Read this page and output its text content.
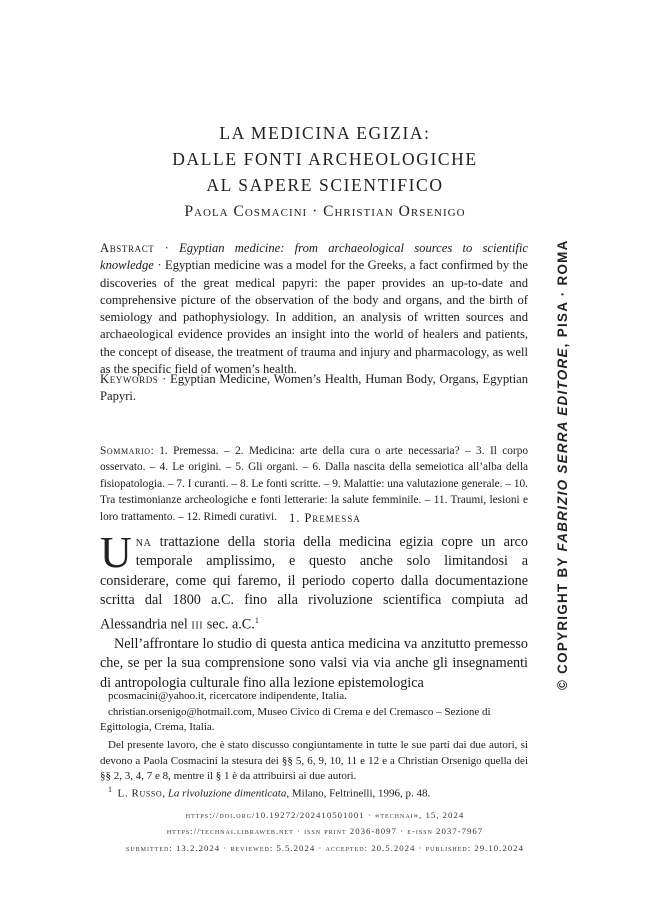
LA MEDICINA EGIZIA:
DALLE FONTI ARCHEOLOGICHE
AL SAPERE SCIENTIFICO
Paola Cosmacini · Christian Orsenigo
Abstract · Egyptian medicine: from archaeological sources to scientific knowledge · Egyptian medicine was a model for the Greeks, a fact confirmed by the discoveries of the great medical papyri: the paper provides an up-to-date and comprehensive picture of the observation of the body and organs, and the birth of semiology and pathophysiology. In addition, an analysis of written sources and archaeological evidence provides an insight into the world of healers and patients, the concept of disease, the treatment of trauma and injury and pharmacology, as well as the specific field of women’s health.
Keywords · Egyptian Medicine, Women’s Health, Human Body, Organs, Egyptian Papyri.
Sommario: 1. Premessa. – 2. Medicina: arte della cura o arte necessaria? – 3. Il corpo osservato. – 4. Le origini. – 5. Gli organi. – 6. Dalla nascita della semeiotica all’alba della fisiopatologia. – 7. I curanti. – 8. Le fonti scritte. – 9. Malattie: una valutazione generale. – 10. Tra testimonianze archeologiche e fonti letterarie: la salute femminile. – 11. Traumi, lesioni e loro trattamento. – 12. Rimedi curativi. 1. Premessa

Una trattazione della storia della medicina egizia copre un arco temporale amplissimo, e questo anche solo limitandosi a considerare, come qui faremo, il periodo coperto dalla documentazione scritta dal 1800 a.C. fino alla rivoluzione scientifica compiuta ad Alessandria nel iii sec. a.C.$^1$

Nell’affrontare lo studio di questa antica medicina va anzitutto premesso che, se per la sua comprensione sono valsi via via anche gli insegnamenti di antropologia culturale fino alla lezione epistemologica

pcosmacini@yahoo.it, ricercatore indipendente, Italia.
christian.orsenigo@hotmail.com, Museo Civico di Crema e del Cremasco – Sezione di Egittologia, Crema, Italia.
Del presente lavoro, che è stato discusso congiuntamente in tutte le sue parti dai due autori, si devono a Paola Cosmacini la stesura dei §§ 5, 6, 9, 10, 11 e 12 e a Christian Orsenigo quella dei §§ 2, 3, 4, 7 e 8, mentre il § 1 è da attribuirsi ai due autori.
$^1$ L. Russo, La rivoluzione dimenticata, Milano, Feltrinelli, 1996, p. 48.
https://doi.org/10.19272/202410501001 · «technai», 15, 2024
https://technai.libraweb.net · issn print 2036-8097 · e-issn 2037-7967
submitted: 13.2.2024 · reviewed: 5.5.2024 · accepted: 20.5.2024 · published: 29.10.2024
© COPYRIGHT BY FABRIZIO SERRA EDITORE, PISA · ROMA
